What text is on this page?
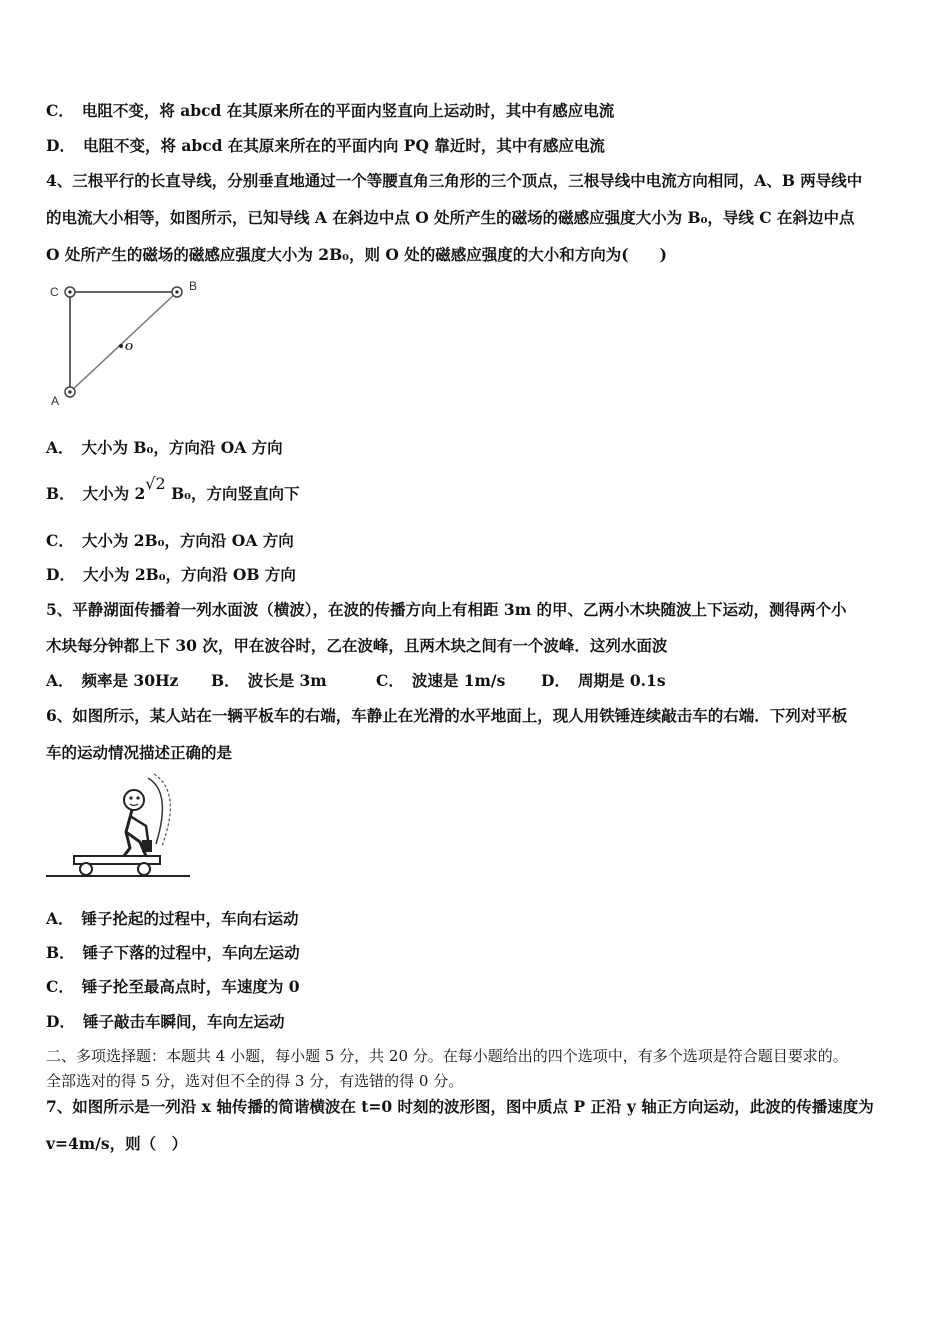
C． 电阻不变，将 abcd 在其原来所在的平面内竖直向上运动时，其中有感应电流
D． 电阻不变，将 abcd 在其原来所在的平面内向 PQ 靠近时，其中有感应电流
4、三根平行的长直导线，分别垂直地通过一个等腰直角三角形的三个顶点，三根导线中电流方向相同，A、B 两导线中
的电流大小相等，如图所示，已知导线 A 在斜边中点 O 处所产生的磁场的磁感应强度大小为 B₀，导线 C 在斜边中点
O 处所产生的磁场的磁感应强度大小为 2B₀，则 O 处的磁感应强度的大小和方向为(　　)
C	B
A
O
A． 大小为 B₀，方向沿 OA 方向
B． 大小为 2√2 B₀，方向竖直向下
C． 大小为 2B₀，方向沿 OA 方向
D． 大小为 2B₀，方向沿 OB 方向
5、平静湖面传播着一列水面波（横波），在波的传播方向上有相距 3m 的甲、乙两小木块随波上下运动，测得两个小
木块每分钟都上下 30 次，甲在波谷时，乙在波峰，且两木块之间有一个波峰．这列水面波
A． 频率是 30Hz B． 波长是 3m	C． 波速是 1m/s D． 周期是 0.1s
6、如图所示，某人站在一辆平板车的右端，车静止在光滑的水平地面上，现人用铁锤连续敲击车的右端．下列对平板
车的运动情况描述正确的是
A． 锤子抡起的过程中，车向右运动
B． 锤子下落的过程中，车向左运动
C． 锤子抡至最高点时，车速度为 0
D． 锤子敲击车瞬间，车向左运动
二、多项选择题：本题共 4 小题，每小题 5 分，共 20 分。在每小题给出的四个选项中，有多个选项是符合题目要求的。
全部选对的得 5 分，选对但不全的得 3 分，有选错的得 0 分。
7、如图所示是一列沿 x 轴传播的简谐横波在 t=0 时刻的波形图，图中质点 P 正沿 y 轴正方向运动，此波的传播速度为
v=4m/s，则（　）
